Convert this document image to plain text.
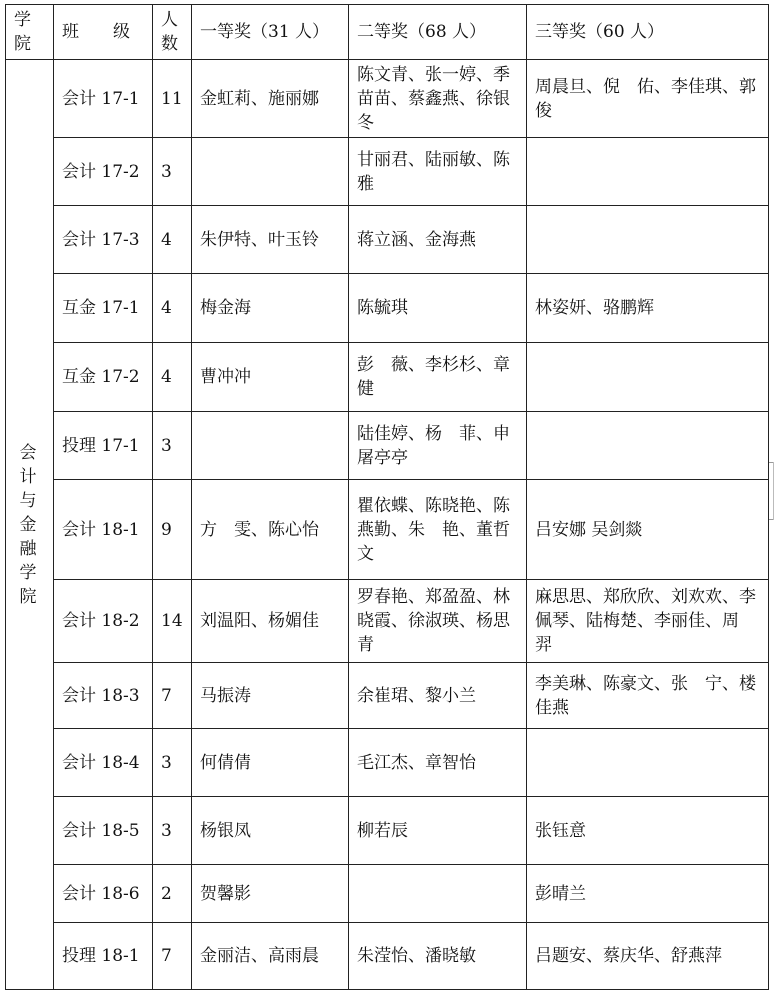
学院	班　　级	人数	一等奖（31 人）	二等奖（68 人）	三等奖（60 人）

会计与金融学院	会计 17-1	11	金虹莉、施丽娜	陈文青、张一婷、季苗苗、蔡鑫燕、徐银冬	周晨旦、倪　佑、李佳琪、郭　俊
	会计 17-2	3		甘丽君、陆丽敏、陈　雅	
	会计 17-3	4	朱伊特、叶玉铃	蒋立涵、金海燕	
	互金 17-1	4	梅金海	陈毓琪	林姿妍、骆鹏辉
	互金 17-2	4	曹冲冲	彭　薇、李杉杉、章　健	
	投理 17-1	3		陆佳婷、杨　菲、申屠亭亭	
	会计 18-1	9	方　雯、陈心怡	瞿依蝶、陈晓艳、陈燕勤、朱　艳、董哲文	吕安娜 吴剑燚
	会计 18-2	14	刘温阳、杨媚佳	罗春艳、郑盈盈、林晓霞、徐淑瑛、杨思青	麻思思、郑欣欣、刘欢欢、李佩琴、陆梅楚、李丽佳、周　羿
	会计 18-3	7	马振涛	余崔珺、黎小兰	李美琳、陈豪文、张　宁、楼佳燕
	会计 18-4	3	何倩倩	毛江杰、章智怡	
	会计 18-5	3	杨银凤	柳若辰	张钰意
	会计 18-6	2	贺馨影		彭晴兰
	投理 18-1	7	金丽洁、高雨晨	朱滢怡、潘晓敏	吕题安、蔡庆华、舒燕萍
